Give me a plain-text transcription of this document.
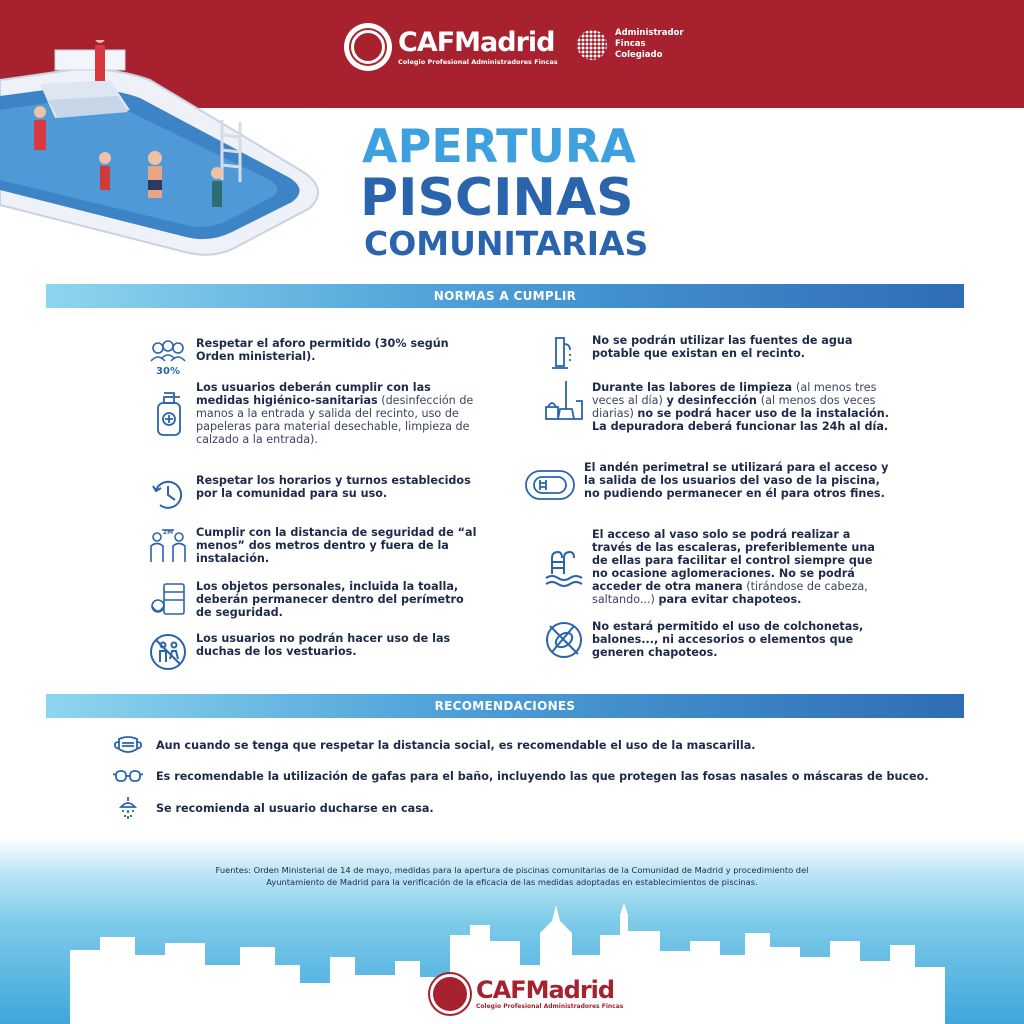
CAFMadrid
Colegio Profesional Administradores Fincas
Administrador
Fincas
Colegiado
APERTURA
PISCINAS
COMUNITARIAS
NORMAS A CUMPLIR
30%
Respetar el aforo permitido (30% según Orden ministerial).
Los usuarios deberán cumplir con las medidas higiénico-sanitarias (desinfección de manos a la entrada y salida del recinto, uso de papeleras para material desechable, limpieza de calzado a la entrada).
Respetar los horarios y turnos establecidos por la comunidad para su uso.
2M Cumplir con la distancia de seguridad de “al menos” dos metros dentro y fuera de la instalación.
Los objetos personales, incluida la toalla, deberán permanecer dentro del perímetro de seguridad.
Los usuarios no podrán hacer uso de las duchas de los vestuarios.
No se podrán utilizar las fuentes de agua potable que existan en el recinto.
Durante las labores de limpieza (al menos tres veces al día) y desinfección (al menos dos veces diarias) no se podrá hacer uso de la instalación. La depuradora deberá funcionar las 24h al día.
El andén perimetral se utilizará para el acceso y la salida de los usuarios del vaso de la piscina, no pudiendo permanecer en él para otros fines.
El acceso al vaso solo se podrá realizar a través de las escaleras, preferiblemente una de ellas para facilitar el control siempre que no ocasione aglomeraciones. No se podrá acceder de otra manera (tirándose de cabeza, saltando...) para evitar chapoteos.
No estará permitido el uso de colchonetas, balones..., ni accesorios o elementos que generen chapoteos.
RECOMENDACIONES
Aun cuando se tenga que respetar la distancia social, es recomendable el uso de la mascarilla.
Es recomendable la utilización de gafas para el baño, incluyendo las que protegen las fosas nasales o máscaras de buceo.
Se recomienda al usuario ducharse en casa.
Fuentes: Orden Ministerial de 14 de mayo, medidas para la apertura de piscinas comunitarias de la Comunidad de Madrid y procedimiento del
Ayuntamiento de Madrid para la verificación de la eficacia de las medidas adoptadas en establecimientos de piscinas.
CAFMadrid
Colegio Profesional Administradores Fincas
